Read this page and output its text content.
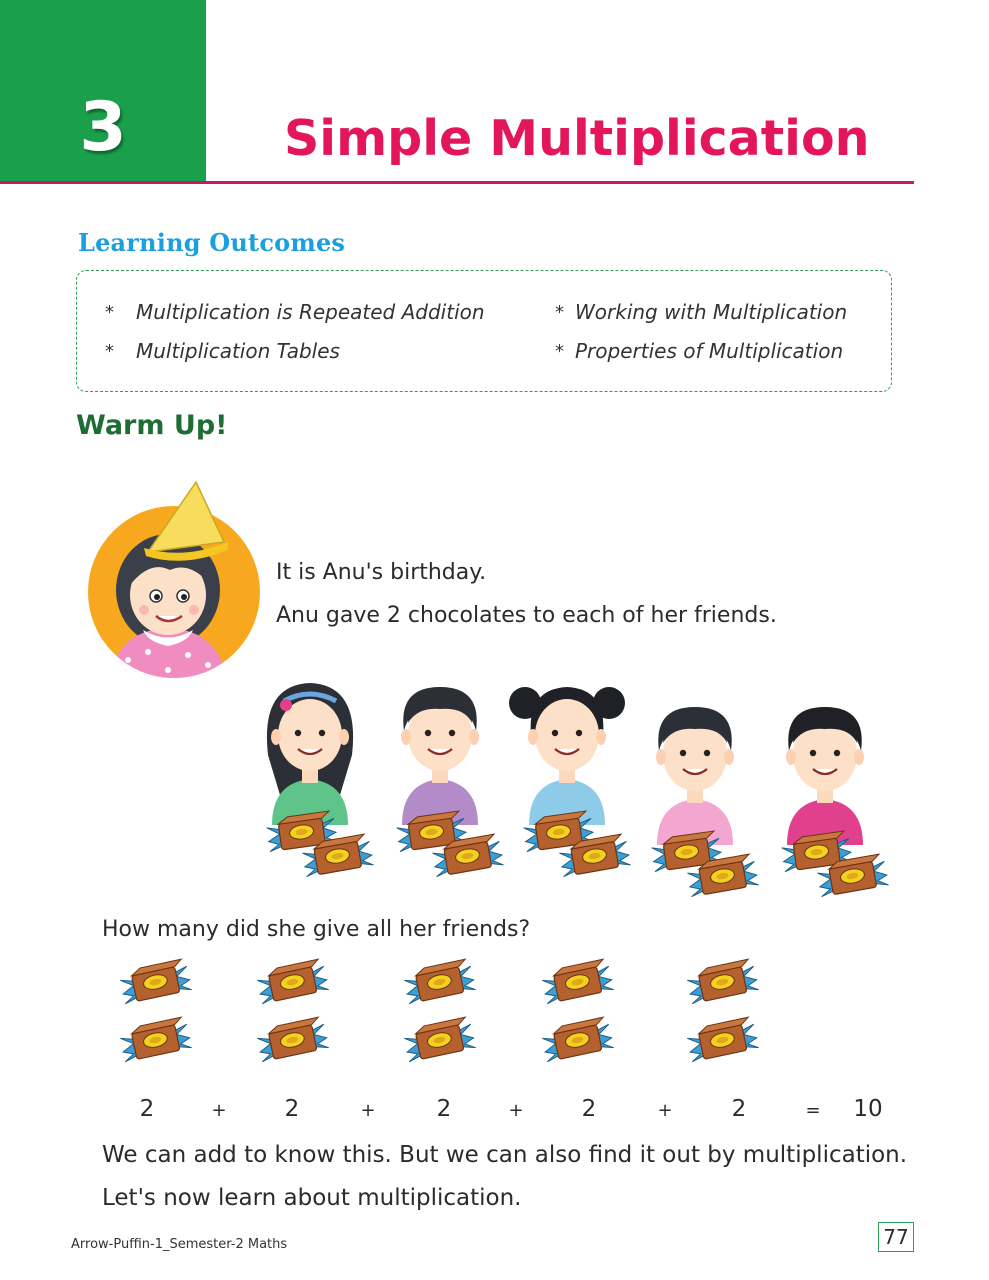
3	Simple Multiplication
Learning Outcomes
* Multiplication is Repeated Addition	* Working with Multiplication
* Multiplication Tables	* Properties of Multiplication
Warm Up!
It is Anu's birthday.
Anu gave 2 chocolates to each of her friends.
How many did she give all her friends?
2	+	2	+	2	+	2	+	2	=	10
We can add to know this. But we can also find it out by multiplication.
Let's now learn about multiplication.
Arrow-Puffin-1_Semester-2 Maths	77
